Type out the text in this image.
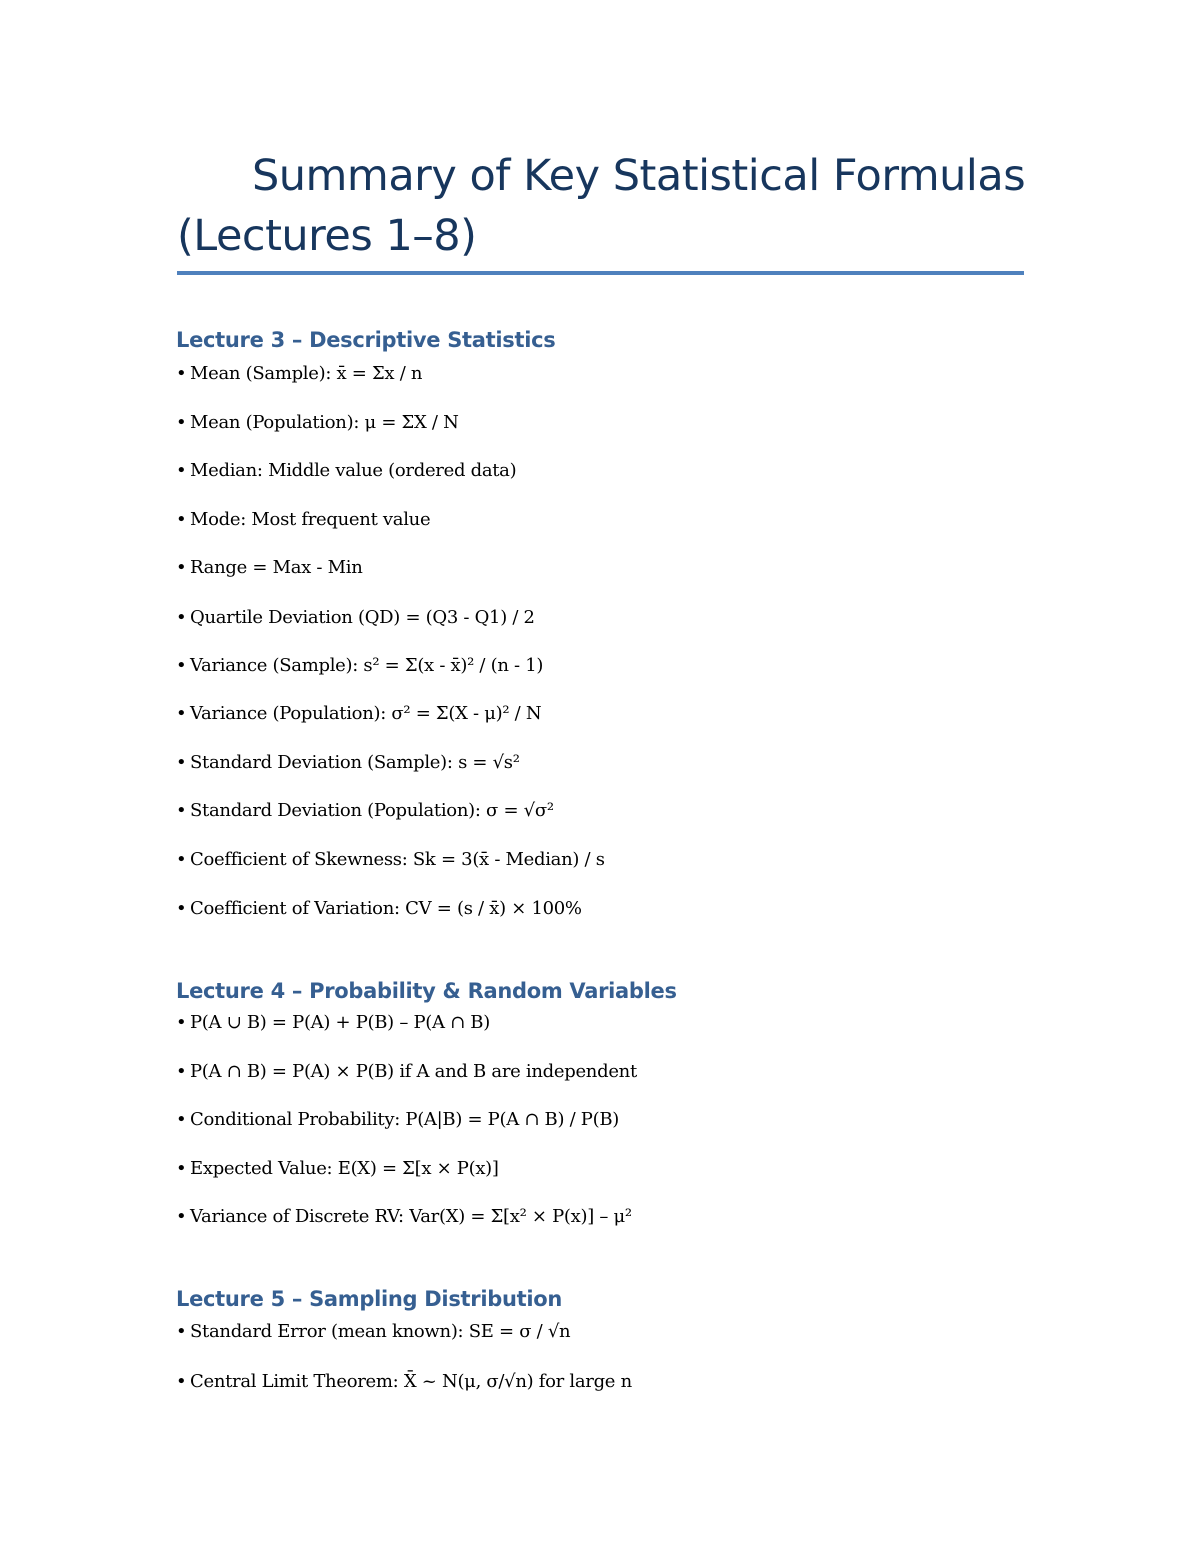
Summary of Key Statistical Formulas (Lectures 1–8)
Lecture 3 – Descriptive Statistics

• Mean (Sample): x̄ = Σx / n

• Mean (Population): μ = ΣX / N

• Median: Middle value (ordered data)

• Mode: Most frequent value

• Range = Max - Min

• Quartile Deviation (QD) = (Q3 - Q1) / 2

• Variance (Sample): s² = Σ(x - x̄)² / (n - 1)

• Variance (Population): σ² = Σ(X - μ)² / N

• Standard Deviation (Sample): s = √s²

• Standard Deviation (Population): σ = √σ²

• Coefficient of Skewness: Sk = 3(x̄ - Median) / s

• Coefficient of Variation: CV = (s / x̄) × 100%

Lecture 4 – Probability & Random Variables

• P(A ∪ B) = P(A) + P(B) – P(A ∩ B)

• P(A ∩ B) = P(A) × P(B) if A and B are independent

• Conditional Probability: P(A|B) = P(A ∩ B) / P(B)

• Expected Value: E(X) = Σ[x × P(x)]

• Variance of Discrete RV: Var(X) = Σ[x² × P(x)] – μ²

Lecture 5 – Sampling Distribution

• Standard Error (mean known): SE = σ / √n

• Central Limit Theorem: X̄ ~ N(μ, σ/√n) for large n
